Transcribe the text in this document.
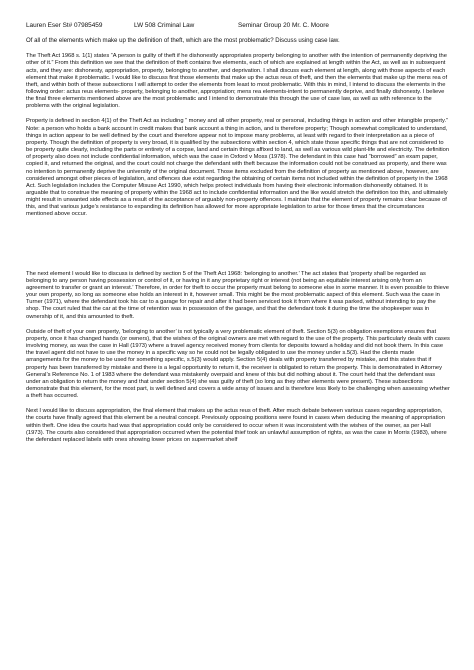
Lauren Eser St# 07985459	LW 508 Criminal Law	Seminar Group 20 Mr. C. Moore

Of all of the elements which make up the definition of theft, which are the most problematic? Discuss using case law.

The Theft Act 1968 s. 1(1) states “A person is guilty of theft if he dishonestly appropriates property belonging to another with the intention of permanently depriving the other of it.” From this definition we see that the definition of theft contains five elements, each of which are explained at length within the Act, as well as in subsequent acts, and they are: dishonesty, appropriation, property, belonging to another, and deprivation. I shall discuss each element at length, along with those aspects of each element that make it problematic. I would like to discuss first those elements that make up the actus reus of theft, and then the elements that make up the mens rea of theft, and within both of these subsections I will attempt to order the elements from least to most problematic. With this in mind, I intend to discuss the elements in the following order: actus reus elements- property, belonging to another, appropriation; mens rea elements-intent to permanently deprive, and finally dishonesty. I believe the final three elements mentioned above are the most problematic and I intend to demonstrate this through the use of case law, as well as with reference to the problems with the original legislation.

Property is defined in section 4(1) of the Theft Act as including “ money and all other property, real or personal, including things in action and other intangible property.” Note: a person who holds a bank account in credit makes that bank account a thing in action, and is therefore property; Though somewhat complicated to understand, things in action appear to be well defined by the court and therefore appear not to impose many problems, at least with regard to their interpretation as a piece of property. Though the definition of property is very broad, it is qualified by the subsections within section 4, which state those specific things that are not considered to be property quite clearly, including the parts or entirety of a corpse, land and certain things affixed to land, as well as various wild plant-life and electricity. The definition of property also does not include confidential information, which was the case in Oxford v Moss (1978). The defendant in this case had “borrowed” an exam paper, copied it, and returned the original, and the court could not charge the defendant with theft because the information could not be construed as property, and there was no intention to permanently deprive the university of the original document. Those items excluded from the definition of property as mentioned above, however, are considered amongst other pieces of legislation, and offences due exist regarding the obtaining of certain items not included within the definition of property in the 1968 Act. Such legislation includes the Computer Misuse Act 1990, which helps protect individuals from having their electronic information dishonestly obtained. It is arguable that to construe the meaning of property within the 1968 act to include confidential information and the like would stretch the definition too thin, and ultimately might result in unwanted side effects as a result of the acceptance of arguably non-property offences. I maintain that the element of property remains clear because of this, and that various judge’s resistance to expanding its definition has allowed for more appropriate legislation to arise for those times that the circumstances mentioned above occur.

The next element I would like to discuss is defined by section 5 of the Theft Act 1968: ‘belonging to another.’ The act states that ‘property shall be regarded as belonging to any person having possession or control of it, or having in it any proprietary right or interest (not being an equitable interest arising only from an agreement to transfer or grant an interest.’ Therefore, in order for theft to occur the property must belong to someone else in some manner. It is even possible to thieve your own property, so long as someone else holds an interest in it, however small. This might be the most problematic aspect of this element. Such was the case in Turner (1971), where the defendant took his car to a garage for repair and after it had been serviced took it from where it was parked, without intending to pay the shop. The court ruled that the car at the time of retention was in possession of the garage, and that the defendant took it during the time the shopkeeper was in ownership of it, and this amounted to theft.

Outside of theft of your own property, ‘belonging to another’ is not typically a very problematic element of theft. Section 5(3) on obligation exemptions ensures that property, once it has changed hands (or owners), that the wishes of the original owners are met with regard to the use of the property. This particularly deals with cases involving money, as was the case in Hall (1973) where a travel agency received money from clients for deposits toward a holiday and did not book them. In this case the travel agent did not have to use the money in a specific way so he could not be legally obligated to use the money under s.5(3). Had the clients made arrangements for the money to be used for something specific, s.5(3) would apply. Section 5(4) deals with property transferred by mistake, and this states that if property has been transferred by mistake and there is a legal opportunity to return it, the receiver is obligated to return the property. This is demonstrated in Attorney General’s Reference No. 1 of 1983 where the defendant was mistakenly overpaid and knew of this but did nothing about it. The court held that the defendant was under an obligation to return the money and that under section 5(4) she was guilty of theft (so long as they other elements were present). These subsections demonstrate that this element, for the most part, is well defined and covers a wide array of issues and is therefore less likely to be challenging when assessing whether a theft has occurred.

Next I would like to discuss appropriation, the final element that makes up the actus reus of theft. After much debate between various cases regarding appropriation, the courts have finally agreed that this element be a neutral concept. Previously opposing positions were found in cases when deducing the meaning of appropriation within theft. One idea the courts had was that appropriation could only be considered to occur when it was inconsistent with the wishes of the owner, as per Hall (1973). The courts also considered that appropriation occurred when the potential thief took an unlawful assumption of rights, as was the case in Morris (1983), where the defendant replaced labels with ones showing lower prices on supermarket shelf
